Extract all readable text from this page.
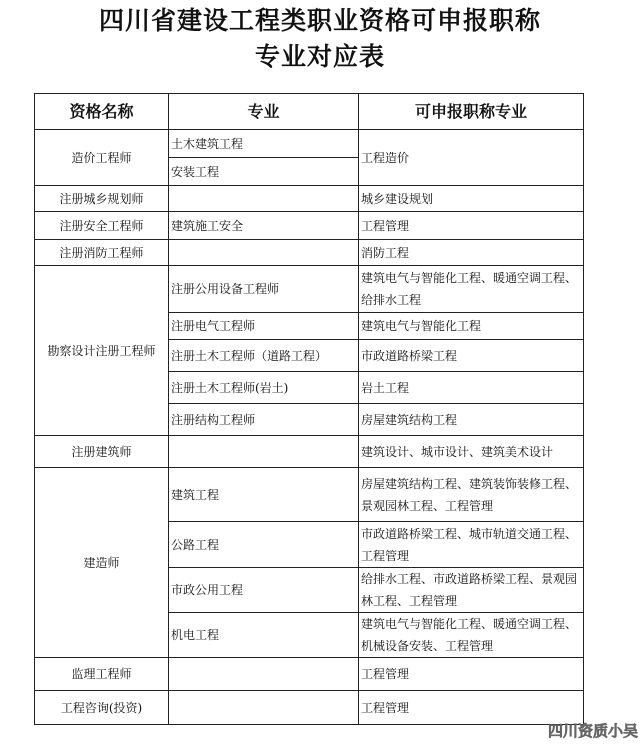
四川省建设工程类职业资格可申报职称
专业对应表
资格名称	专业	可申报职称专业
造价工程师	土木建筑工程	工程造价
	安装工程	
注册城乡规划师		城乡建设规划
注册安全工程师	建筑施工安全	工程管理
注册消防工程师		消防工程
勘察设计注册工程师	注册公用设备工程师	建筑电气与智能化工程、暖通空调工程、给排水工程
	注册电气工程师	建筑电气与智能化工程
	注册土木工程师（道路工程）	市政道路桥梁工程
	注册土木工程师(岩土)	岩土工程
	注册结构工程师	房屋建筑结构工程
注册建筑师		建筑设计、城市设计、建筑美术设计
建造师	建筑工程	房屋建筑结构工程、建筑装饰装修工程、景观园林工程、工程管理
	公路工程	市政道路桥梁工程、城市轨道交通工程、工程管理
	市政公用工程	给排水工程、市政道路桥梁工程、景观园林工程、工程管理
	机电工程	建筑电气与智能化工程、暖通空调工程、机械设备安装、工程管理
监理工程师		工程管理
工程咨询(投资)		工程管理
四川资质小吴
